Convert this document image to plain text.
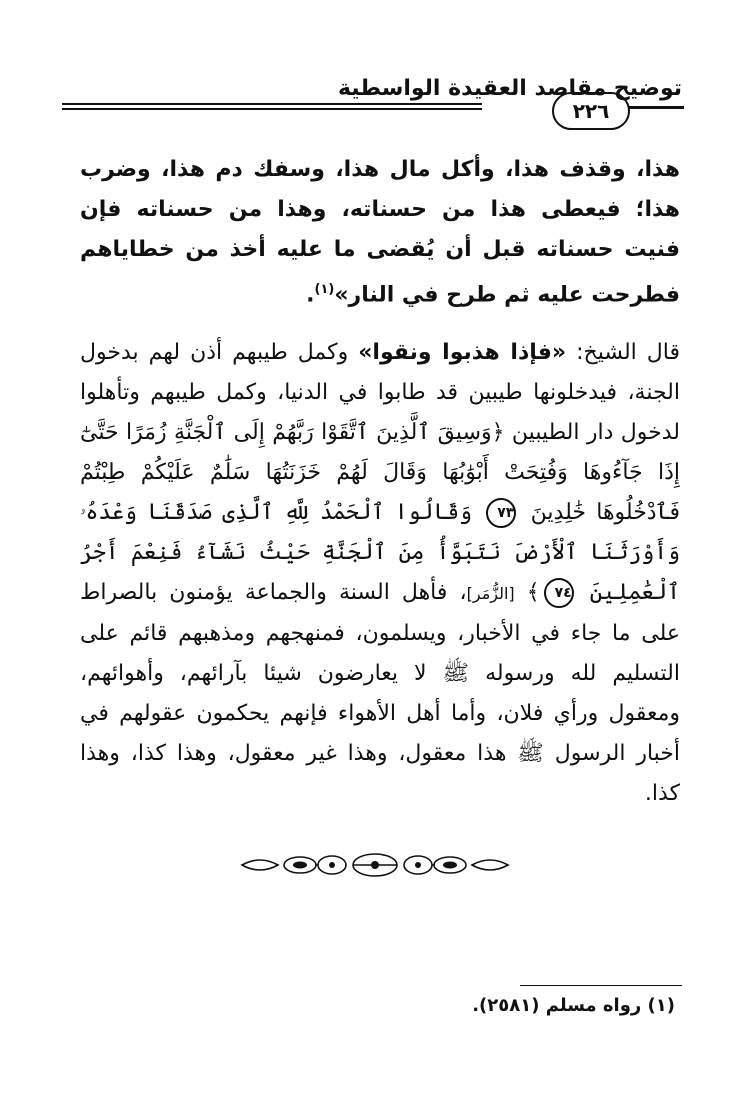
٢٢٦
توضيح مقاصد العقيدة الواسطية

هذا، وقذف هذا، وأكل مال هذا، وسفك دم هذا، وضرب هذا؛ فيعطى هذا من حسناته، وهذا من حسناته فإن فنيت حسناته قبل أن يُقضى ما عليه أخذ من خطاياهم فطرحت عليه ثم طرح في النار»$^{(١)}$.

قال الشيخ: «فإذا هذبوا ونقوا» وكمل طيبهم أذن لهم بدخول الجنة، فيدخلونها طيبين قد طابوا في الدنيا، وكمل طيبهم وتأهلوا لدخول دار الطيبين ﴿وَسِيقَ ٱلَّذِينَ ٱتَّقَوْا رَبَّهُمْ إِلَى ٱلْجَنَّةِ زُمَرًا حَتَّىٰٓ إِذَا جَآءُوهَا وَفُتِحَتْ أَبْوَٰبُهَا وَقَالَ لَهُمْ خَزَنَتُهَا سَلَٰمٌ عَلَيْكُمْ طِبْتُمْ فَٱدْخُلُوهَا خَٰلِدِينَ ٧٣ وَقَالُوا ٱلْحَمْدُ لِلَّهِ ٱلَّذِى صَدَقَنَا وَعْدَهُۥ وَأَوْرَثَنَا ٱلْأَرْضَ نَتَبَوَّأُ مِنَ ٱلْجَنَّةِ حَيْثُ نَشَآءُ فَنِعْمَ أَجْرُ ٱلْعَٰمِلِينَ ٧٤﴾ [الزُّمَر]، فأهل السنة والجماعة يؤمنون بالصراط على ما جاء في الأخبار، ويسلمون، فمنهجهم ومذهبهم قائم على التسليم لله ورسوله ﷺ لا يعارضون شيئا بآرائهم، وأهوائهم، ومعقول ورأي فلان، وأما أهل الأهواء فإنهم يحكمون عقولهم في أخبار الرسول ﷺ هذا معقول، وهذا غير معقول، وهذا كذا، وهذا كذا.

(١) رواه مسلم (٢٥٨١).
